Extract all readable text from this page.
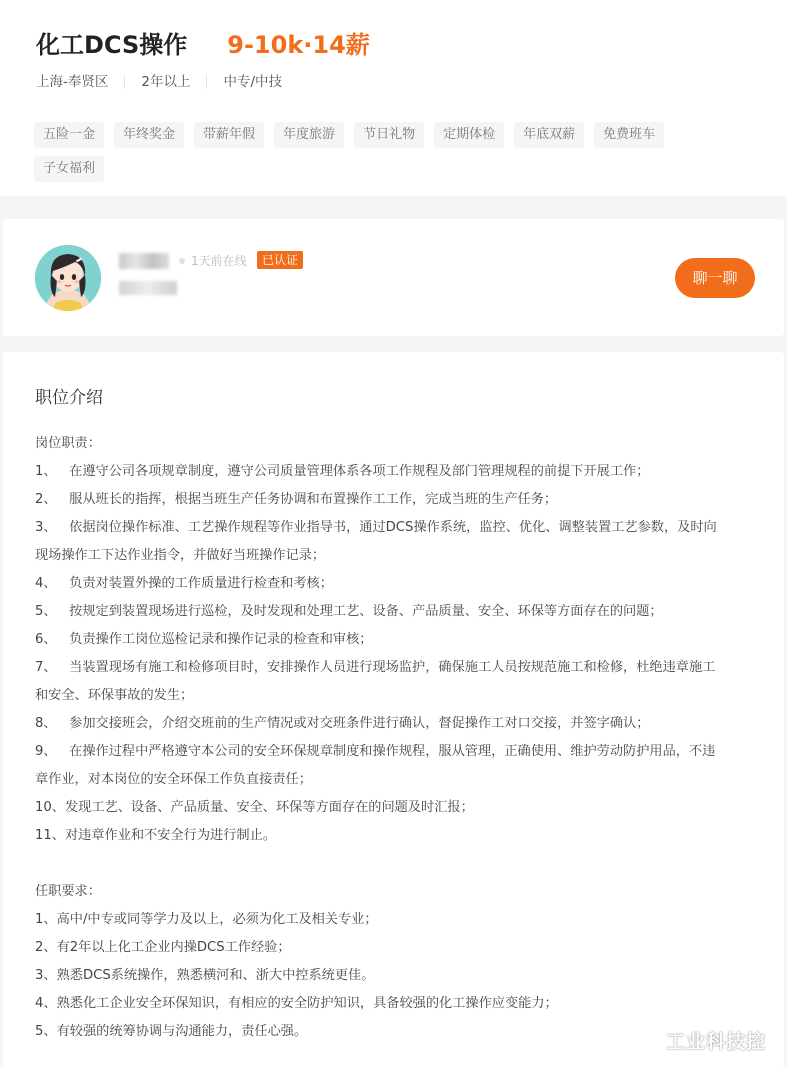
化工DCS操作 9-10k·14薪
上海-奉贤区	2年以上	中专/中技
五险一金	年终奖金	带薪年假	年度旅游	节日礼物	定期体检	年底双薪	免费班车
子女福利
1天前在线	已认证
聊一聊
职位介绍
岗位职责：
1、   在遵守公司各项规章制度，遵守公司质量管理体系各项工作规程及部门管理规程的前提下开展工作；
2、   服从班长的指挥，根据当班生产任务协调和布置操作工工作，完成当班的生产任务；
3、   依据岗位操作标准、工艺操作规程等作业指导书，通过DCS操作系统，监控、优化、调整装置工艺参数，及时向
现场操作工下达作业指令，并做好当班操作记录；
4、   负责对装置外操的工作质量进行检查和考核；
5、   按规定到装置现场进行巡检，及时发现和处理工艺、设备、产品质量、安全、环保等方面存在的问题；
6、   负责操作工岗位巡检记录和操作记录的检查和审核；
7、   当装置现场有施工和检修项目时，安排操作人员进行现场监护，确保施工人员按规范施工和检修，杜绝违章施工
和安全、环保事故的发生；
8、   参加交接班会，介绍交班前的生产情况或对交班条件进行确认，督促操作工对口交接，并签字确认；
9、   在操作过程中严格遵守本公司的安全环保规章制度和操作规程，服从管理，正确使用、维护劳动防护用品，不违
章作业，对本岗位的安全环保工作负直接责任；
10、发现工艺、设备、产品质量、安全、环保等方面存在的问题及时汇报；
11、对违章作业和不安全行为进行制止。
任职要求：
1、高中/中专或同等学力及以上，必须为化工及相关专业；
2、有2年以上化工企业内操DCS工作经验；
3、熟悉DCS系统操作，熟悉横河和、浙大中控系统更佳。
4、熟悉化工企业安全环保知识，有相应的安全防护知识，具备较强的化工操作应变能力；
5、有较强的统筹协调与沟通能力，责任心强。	工业科技控
